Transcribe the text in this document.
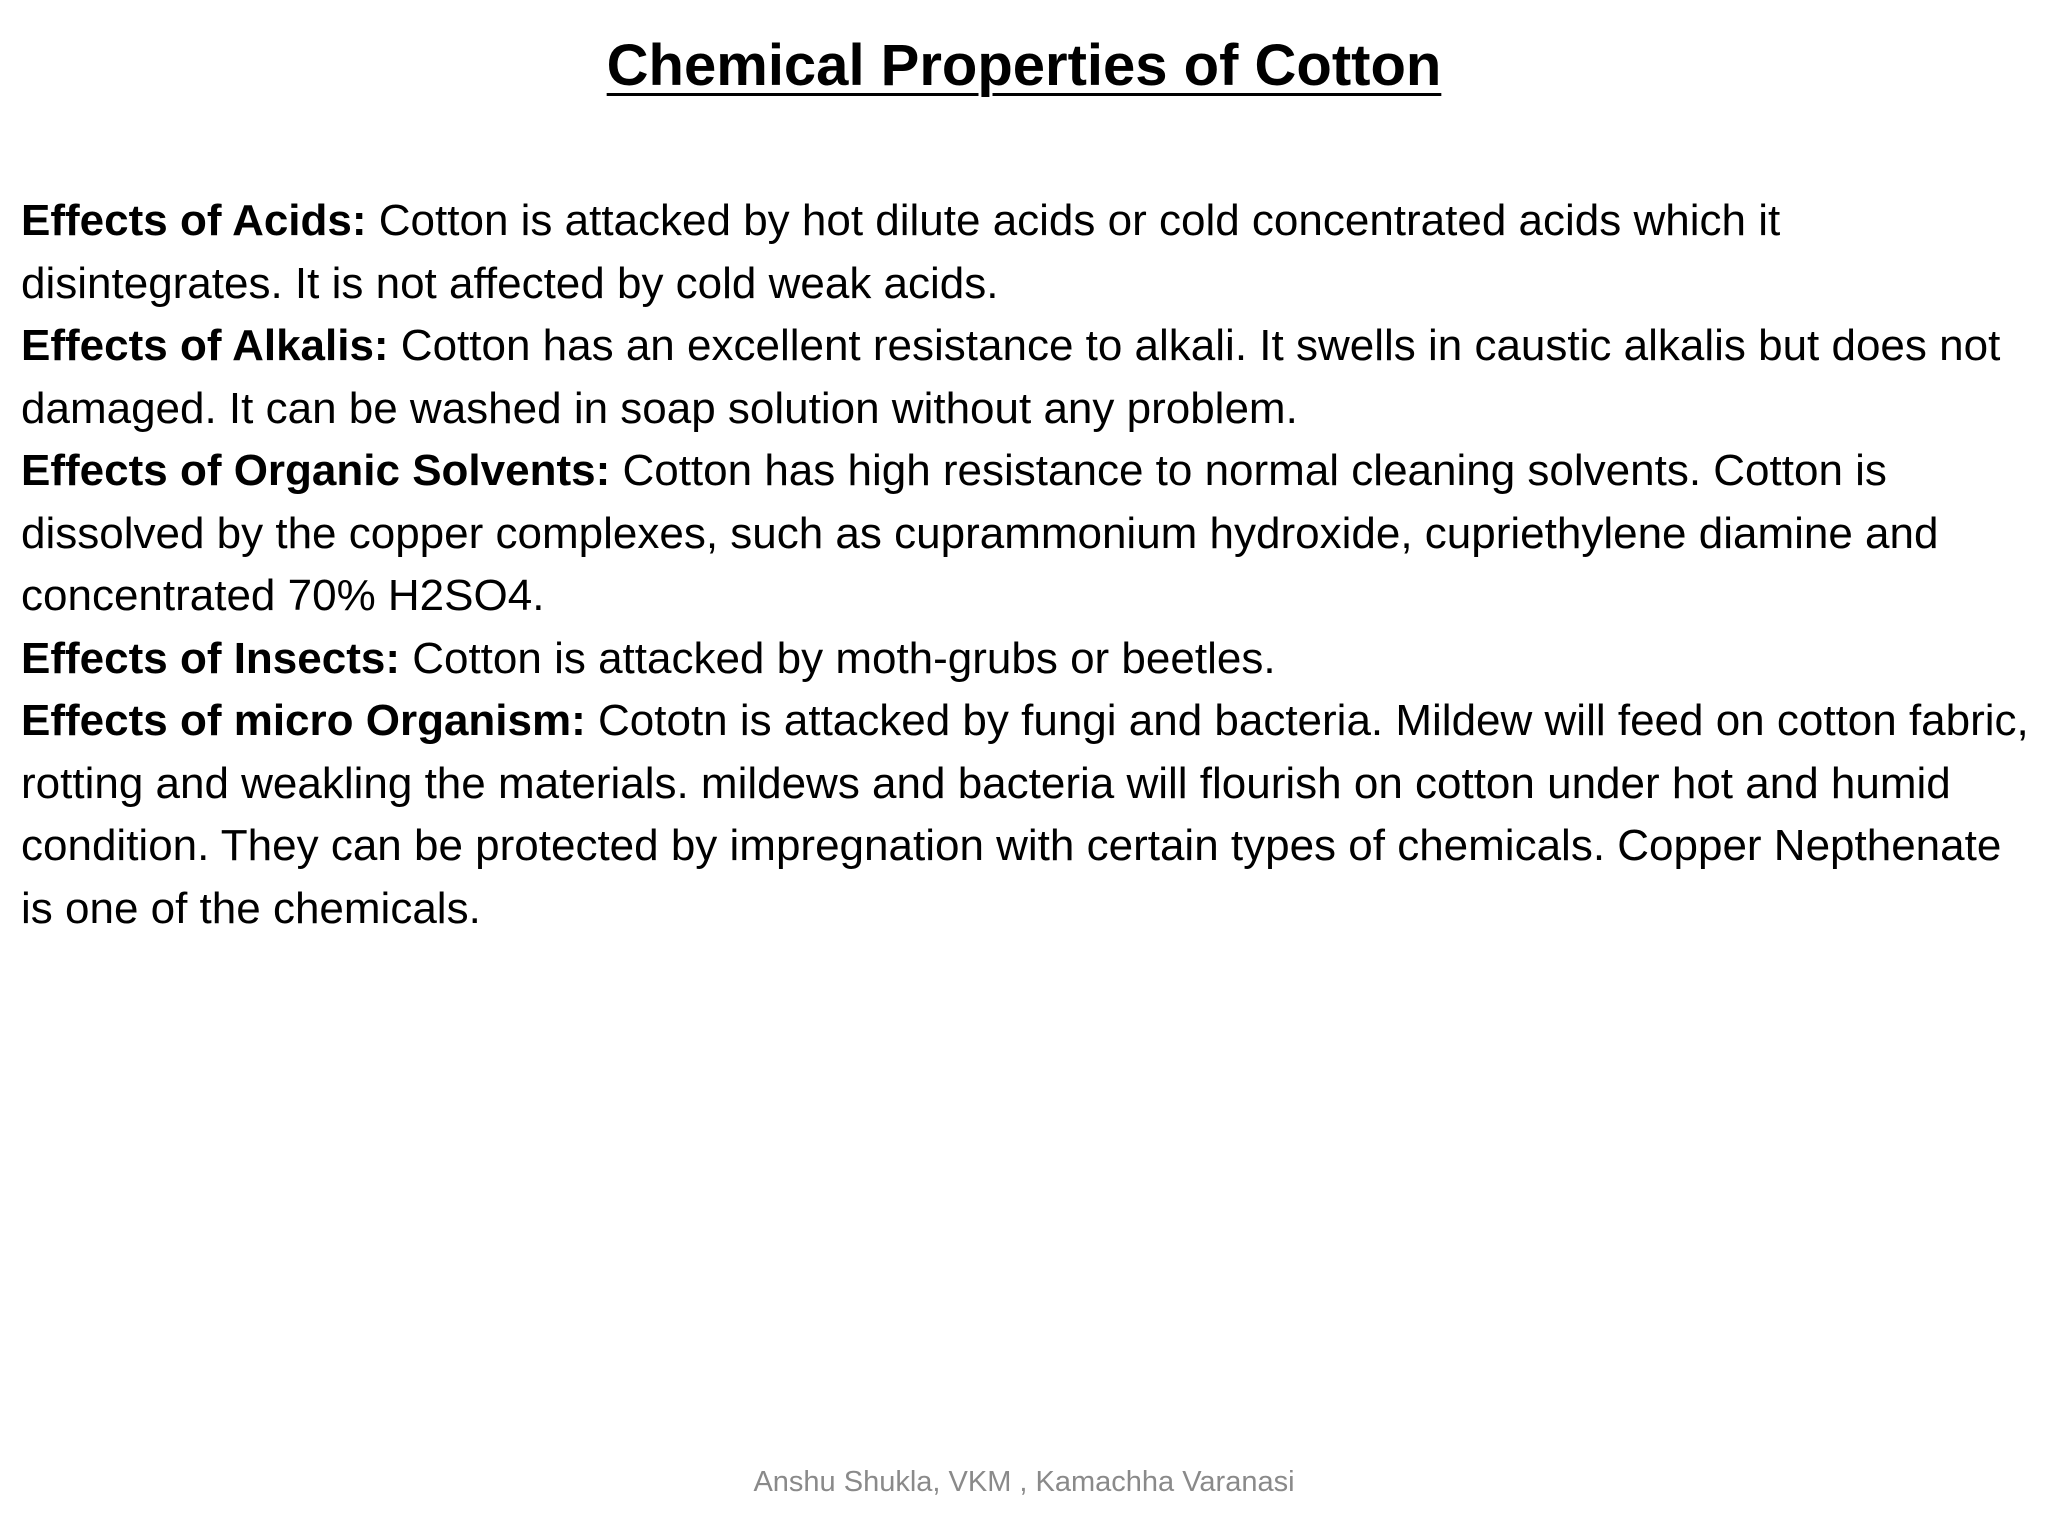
Chemical Properties of Cotton

Effects of Acids: Cotton is attacked by hot dilute acids or cold concentrated acids which it disintegrates. It is not affected by cold weak acids.

Effects of Alkalis: Cotton has an excellent resistance to alkali. It swells in caustic alkalis but does not damaged. It can be washed in soap solution without any problem.

Effects of Organic Solvents: Cotton has high resistance to normal cleaning solvents. Cotton is dissolved by the copper complexes, such as cuprammonium hydroxide, cupriethylene diamine and concentrated 70% H2SO4.

Effects of Insects: Cotton is attacked by moth-grubs or beetles.

Effects of micro Organism: Cototn is attacked by fungi and bacteria. Mildew will feed on cotton fabric, rotting and weakling the materials. mildews and bacteria will flourish on cotton under hot and humid condition. They can be protected by impregnation with certain types of chemicals. Copper Nepthenate is one of the chemicals.

Anshu Shukla, VKM , Kamachha Varanasi
